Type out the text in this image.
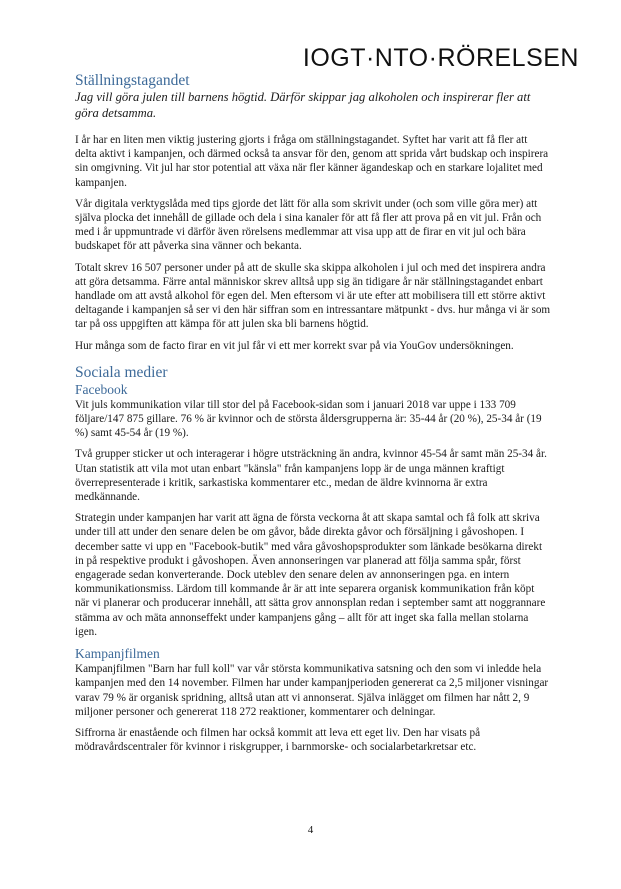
IOGT·NTO·RÖRELSEN
Ställningstagandet

Jag vill göra julen till barnens högtid. Därför skippar jag alkoholen och inspirerar fler att göra detsamma.

I år har en liten men viktig justering gjorts i fråga om ställningstagandet. Syftet har varit att få fler att delta aktivt i kampanjen, och därmed också ta ansvar för den, genom att sprida vårt budskap och inspirera sin omgivning. Vit jul har stor potential att växa när fler känner ägandeskap och en starkare lojalitet med kampanjen.

Vår digitala verktygslåda med tips gjorde det lätt för alla som skrivit under (och som ville göra mer) att själva plocka det innehåll de gillade och dela i sina kanaler för att få fler att prova på en vit jul. Från och med i år uppmuntrade vi därför även rörelsens medlemmar att visa upp att de firar en vit jul och bära budskapet för att påverka sina vänner och bekanta.

Totalt skrev 16 507 personer under på att de skulle ska skippa alkoholen i jul och med det inspirera andra att göra detsamma. Färre antal människor skrev alltså upp sig än tidigare år när ställningstagandet enbart handlade om att avstå alkohol för egen del. Men eftersom vi är ute efter att mobilisera till ett större aktivt deltagande i kampanjen så ser vi den här siffran som en intressantare mätpunkt - dvs. hur många vi är som tar på oss uppgiften att kämpa för att julen ska bli barnens högtid.

Hur många som de facto firar en vit jul får vi ett mer korrekt svar på via YouGov undersökningen.

Sociala medier
Facebook

Vit juls kommunikation vilar till stor del på Facebook-sidan som i januari 2018 var uppe i 133 709 följare/147 875 gillare. 76 % är kvinnor och de största åldersgrupperna är: 35-44 år (20 %), 25-34 år (19 %) samt 45-54 år (19 %).

Två grupper sticker ut och interagerar i högre utsträckning än andra, kvinnor 45-54 år samt män 25-34 år. Utan statistik att vila mot utan enbart "känsla" från kampanjens lopp är de unga männen kraftigt överrepresenterade i kritik, sarkastiska kommentarer etc., medan de äldre kvinnorna är extra medkännande.

Strategin under kampanjen har varit att ägna de första veckorna åt att skapa samtal och få folk att skriva under till att under den senare delen be om gåvor, både direkta gåvor och försäljning i gåvoshopen. I december satte vi upp en "Facebook-butik" med våra gåvoshopsprodukter som länkade besökarna direkt in på respektive produkt i gåvoshopen. Även annonseringen var planerad att följa samma spår, först engagerade sedan konverterande. Dock uteblev den senare delen av annonseringen pga. en intern kommunikationsmiss. Lärdom till kommande år är att inte separera organisk kommunikation från köpt när vi planerar och producerar innehåll, att sätta grov annonsplan redan i september samt att noggrannare stämma av och mäta annonseffekt under kampanjens gång – allt för att inget ska falla mellan stolarna igen.

Kampanjfilmen

Kampanjfilmen "Barn har full koll" var vår största kommunikativa satsning och den som vi inledde hela kampanjen med den 14 november. Filmen har under kampanjperioden genererat ca 2,5 miljoner visningar varav 79 % är organisk spridning, alltså utan att vi annonserat. Själva inlägget om filmen har nått 2, 9 miljoner personer och genererat 118 272 reaktioner, kommentarer och delningar.

Siffrorna är enastående och filmen har också kommit att leva ett eget liv. Den har visats på mödravårdscentraler för kvinnor i riskgrupper, i barnmorske- och socialarbetarkretsar etc.

4
